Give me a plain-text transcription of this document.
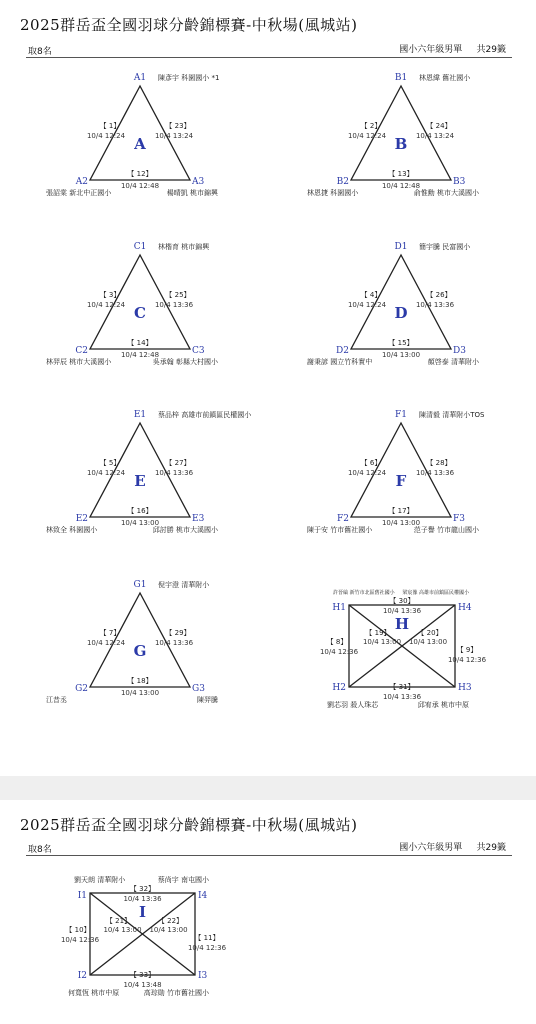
2025群岳盃全國羽球分齡錦標賽-中秋場(風城站)
取8名	國小六年級男單 共29籤
A1
A2	A3
陳彥宇 科園國小 *1
張詔棠 新北中正國小	楊晴凱 桃市錦興
A
【 1】
10/4 12:24
【 23】
10/4 13:24
【 12】
10/4 12:48
B1
B2	B3
林恩緯 舊社國小
林恩捷 科園國小	俞惟勳 桃市大溪國小
B
【 2】
10/4 12:24
【 24】
10/4 13:24
【 13】
10/4 12:48
C1
C2	C3
林楷育 桃市錦興
林羿辰 桃市大溪國小	吳承翰 彰縣大村國小
C
【 3】
10/4 12:24
【 25】
10/4 13:36
【 14】
10/4 12:48
D1
D2	D3
簡宇騰 民富國小
謝秉諺 國立竹科實中	顏啓泰 清華附小
D
【 4】
10/4 12:24
【 26】
10/4 13:36
【 15】
10/4 13:00
E1
E2	E3
蔡品梓 高雄市前鎮區民權國小
林致全 科園國小	邱討勝 桃市大溪國小
E
【 5】
10/4 12:24
【 27】
10/4 13:36
【 16】
10/4 13:00
F1
F2	F3
陳清毅 清華附小TOS
陳于安 竹市舊社國小	范子譽 竹市龍山國小
F
【 6】
10/4 12:24
【 28】
10/4 13:36
【 17】
10/4 13:00
G1
G2	G3
倪宇澄 清華附小
江昔丞	陳羿騰
G
【 7】
10/4 12:24
【 29】
10/4 13:36
【 18】
10/4 13:00
H1	H4
H2	H3
許晉綸 新竹市北區舊社國小 梁宸豫 高雄市前鎮區民權國小
劉芯羽 殺人珠芯	邱宥承 桃市中原
H
【 30】
10/4 13:36
【 19】
10/4 13:00
【 20】
10/4 13:00
【 8】
10/4 12:36	【 9】
10/4 12:36
【 31】
10/4 13:36
2025群岳盃全國羽球分齡錦標賽-中秋場(風城站)
取8名	國小六年級男單 共29籤
I1	I4
I2	I3
劉天朗 清華附小	蔡尚宇 南屯國小
何寬恆 桃市中原	高琮勛 竹市舊社國小
I
【 32】
10/4 13:36
【 21】
10/4 13:00
【 22】
10/4 13:00
【 10】
10/4 12:36	【 11】
10/4 12:36
【 33】
10/4 13:48
